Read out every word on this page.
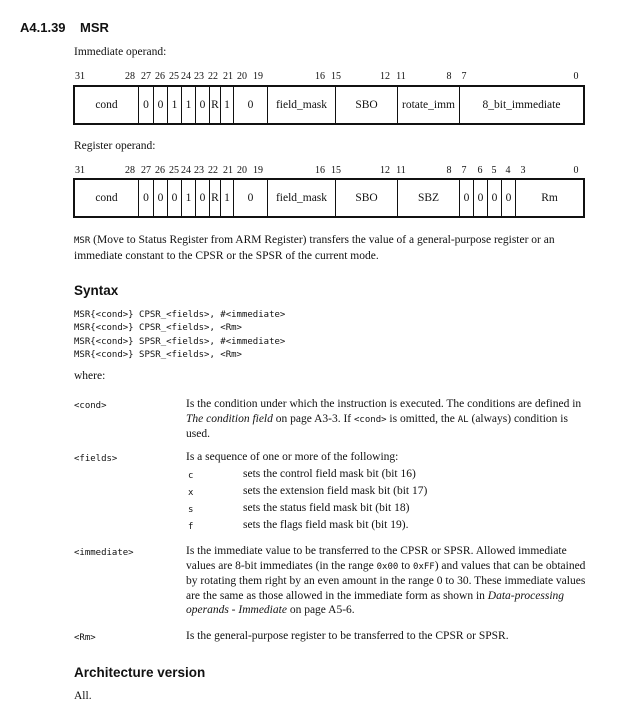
A4.1.39 MSR
Immediate operand:
31	28 27 26 25 24 23 22 21 20 19	16 15	12 11	8 7	0
cond	0 0 1 1 0 R 1	0	field_mask	SBO	rotate_imm	8_bit_immediate
Register operand:
31	28 27 26 25 24 23 22 21 20 19	16 15	12 11	8 7 6 5 4 3	0
cond	0 0 0 1 0 R 1	0	field_mask	SBO	SBZ	0 0 0 0	Rm
MSR (Move to Status Register from ARM Register) transfers the value of a general-purpose register or an immediate constant to the CPSR or the SPSR of the current mode.
Syntax
MSR{<cond>} CPSR_<fields>, #<immediate>
MSR{<cond>} CPSR_<fields>, <Rm>
MSR{<cond>} SPSR_<fields>, #<immediate>
MSR{<cond>} SPSR_<fields>, <Rm>
where:
<cond>	Is the condition under which the instruction is executed. The conditions are defined in The condition field on page A3-3. If <cond> is omitted, the AL (always) condition is used.
<fields>	Is a sequence of one or more of the following:
c	sets the control field mask bit (bit 16)
x	sets the extension field mask bit (bit 17)
s	sets the status field mask bit (bit 18)
f	sets the flags field mask bit (bit 19).
<immediate>	Is the immediate value to be transferred to the CPSR or SPSR. Allowed immediate values are 8-bit immediates (in the range 0x00 to 0xFF) and values that can be obtained by rotating them right by an even amount in the range 0 to 30. These immediate values are the same as those allowed in the immediate form as shown in Data-processing operands - Immediate on page A5-6.
<Rm>	Is the general-purpose register to be transferred to the CPSR or SPSR.
Architecture version
All.
